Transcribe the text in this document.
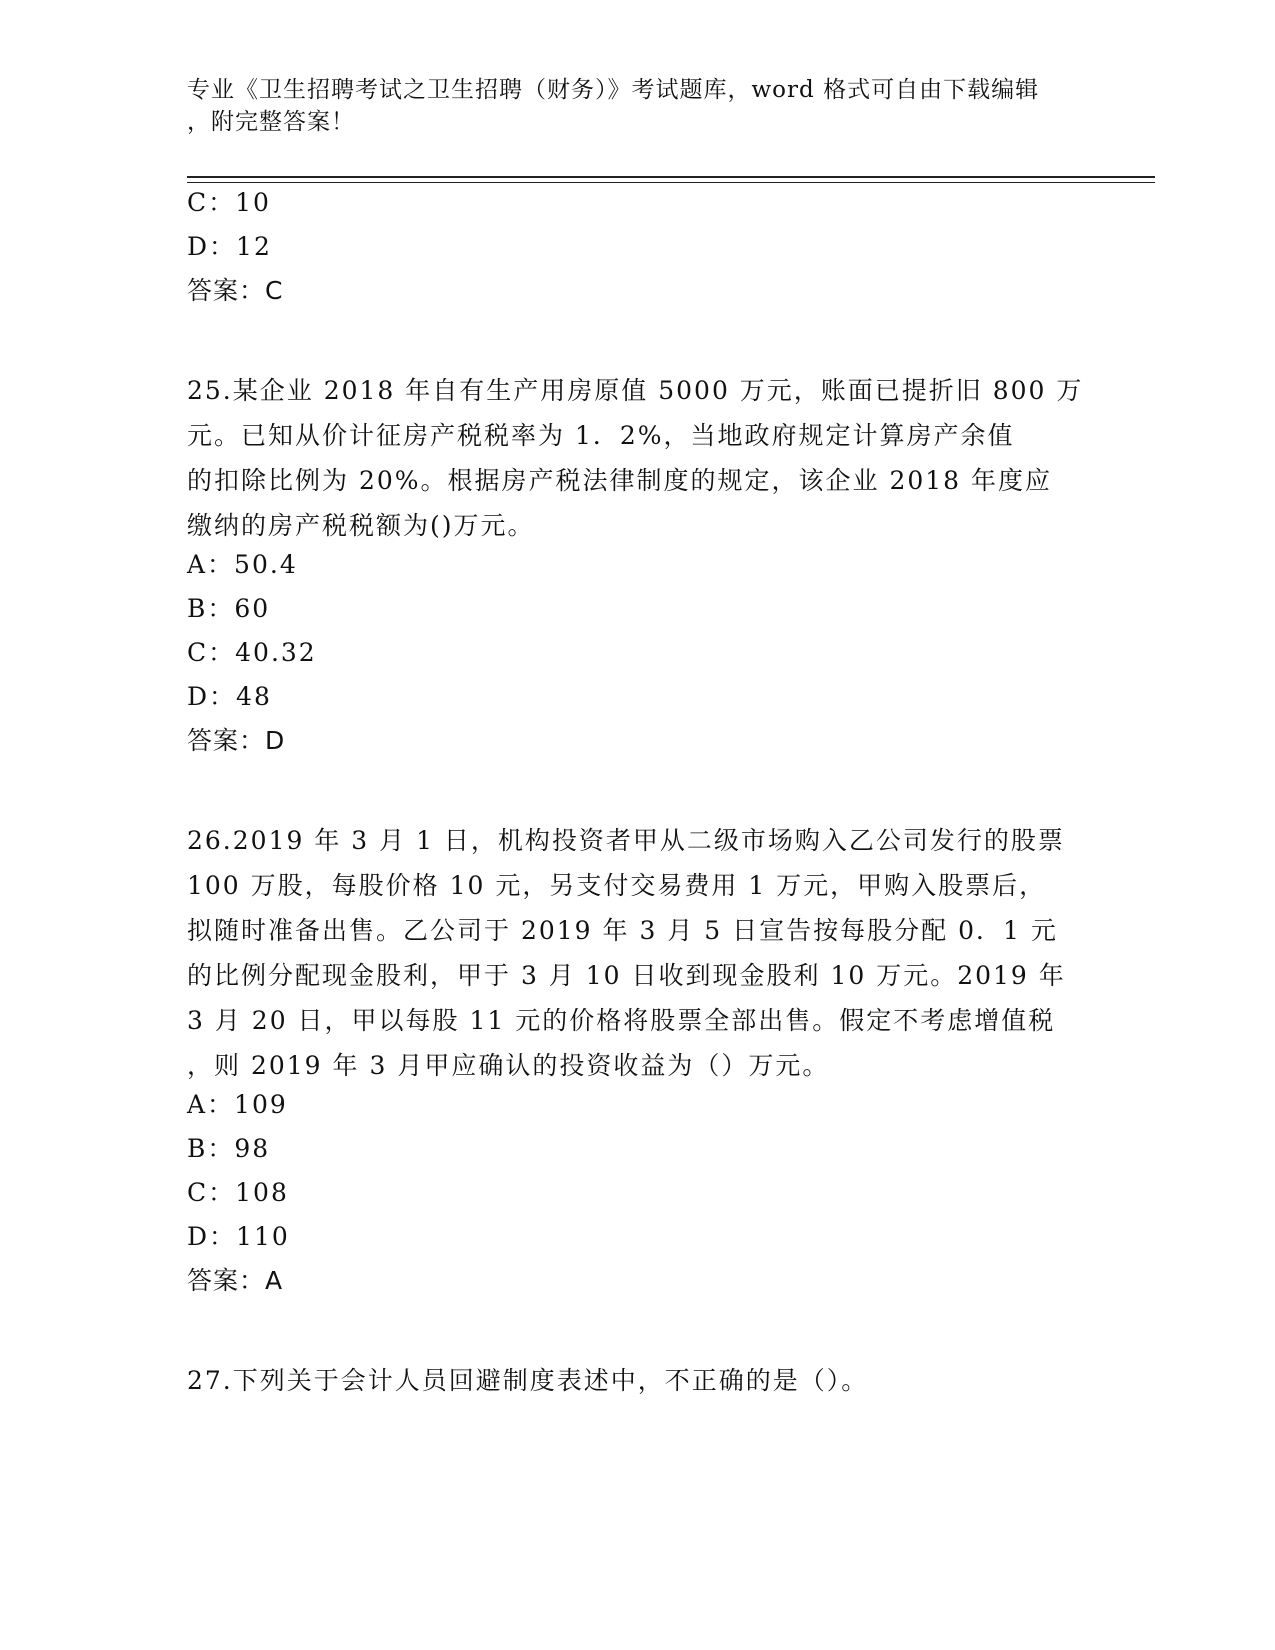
专业《卫生招聘考试之卫生招聘（财务）》考试题库，word 格式可自由下载编辑
，附完整答案！
C：10
D：12
答案：C
25.某企业 2018 年自有生产用房原值 5000 万元，账面已提折旧 800 万
元。已知从价计征房产税税率为 1．2%，当地政府规定计算房产余值
的扣除比例为 20%。根据房产税法律制度的规定，该企业 2018 年度应
缴纳的房产税税额为()万元。
A：50.4
B：60
C：40.32
D：48
答案：D
26.2019 年 3 月 1 日，机构投资者甲从二级市场购入乙公司发行的股票
100 万股，每股价格 10 元，另支付交易费用 1 万元，甲购入股票后，
拟随时准备出售。乙公司于 2019 年 3 月 5 日宣告按每股分配 0．1 元
的比例分配现金股利，甲于 3 月 10 日收到现金股利 10 万元。2019 年
3 月 20 日，甲以每股 11 元的价格将股票全部出售。假定不考虑增值税
，则 2019 年 3 月甲应确认的投资收益为（）万元。
A：109
B：98
C：108
D：110
答案：A
27.下列关于会计人员回避制度表述中，不正确的是（）。
